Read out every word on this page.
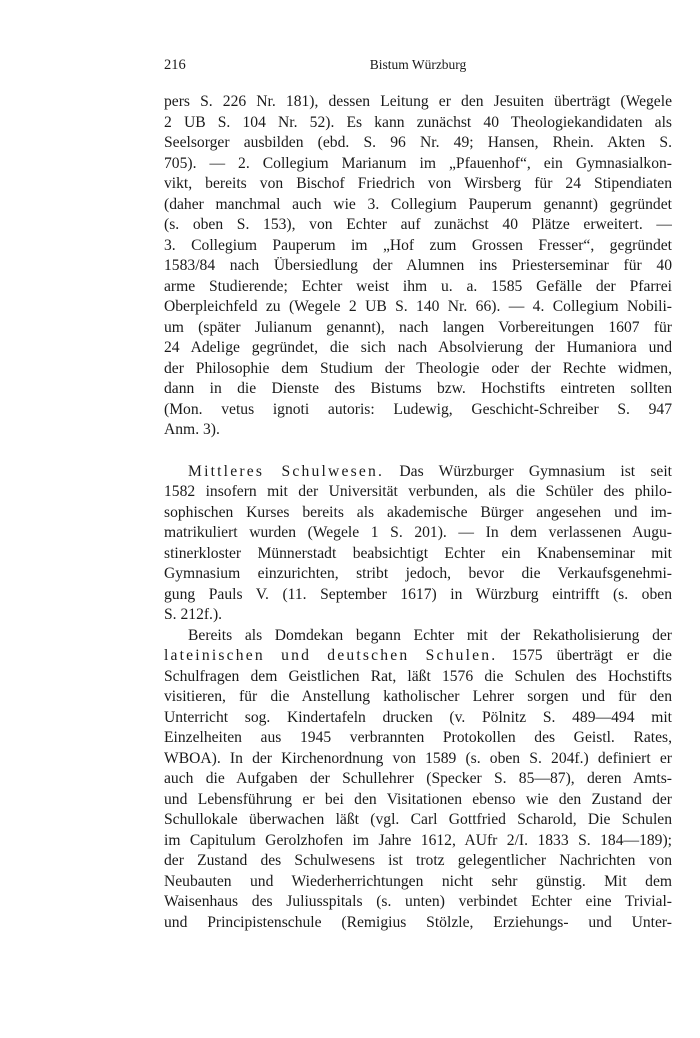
216	Bistum Würzburg
pers S. 226 Nr. 181), dessen Leitung er den Jesuiten überträgt (Wegele
2 UB S. 104 Nr. 52). Es kann zunächst 40 Theologiekandidaten als
Seelsorger ausbilden (ebd. S. 96 Nr. 49; Hansen, Rhein. Akten S.
705). — 2. Collegium Marianum im „Pfauenhof“, ein Gymnasialkon-
vikt, bereits von Bischof Friedrich von Wirsberg für 24 Stipendiaten
(daher manchmal auch wie 3. Collegium Pauperum genannt) gegründet
(s. oben S. 153), von Echter auf zunächst 40 Plätze erweitert. —
3. Collegium Pauperum im „Hof zum Grossen Fresser“, gegründet
1583/84 nach Übersiedlung der Alumnen ins Priesterseminar für 40
arme Studierende; Echter weist ihm u. a. 1585 Gefälle der Pfarrei
Oberpleichfeld zu (Wegele 2 UB S. 140 Nr. 66). — 4. Collegium Nobili-
um (später Julianum genannt), nach langen Vorbereitungen 1607 für
24 Adelige gegründet, die sich nach Absolvierung der Humaniora und
der Philosophie dem Studium der Theologie oder der Rechte widmen,
dann in die Dienste des Bistums bzw. Hochstifts eintreten sollten
(Mon. vetus ignoti autoris: Ludewig, Geschicht-Schreiber S. 947
Anm. 3).
Mittleres Schulwesen. Das Würzburger Gymnasium ist seit
1582 insofern mit der Universität verbunden, als die Schüler des philo-
sophischen Kurses bereits als akademische Bürger angesehen und im-
matrikuliert wurden (Wegele 1 S. 201). — In dem verlassenen Augu-
stinerkloster Münnerstadt beabsichtigt Echter ein Knabenseminar mit
Gymnasium einzurichten, stribt jedoch, bevor die Verkaufsgenehmi-
gung Pauls V. (11. September 1617) in Würzburg eintrifft (s. oben
S. 212f.).
Bereits als Domdekan begann Echter mit der Rekatholisierung der
lateinischen und deutschen Schulen. 1575 überträgt er die
Schulfragen dem Geistlichen Rat, läßt 1576 die Schulen des Hochstifts
visitieren, für die Anstellung katholischer Lehrer sorgen und für den
Unterricht sog. Kindertafeln drucken (v. Pölnitz S. 489—494 mit
Einzelheiten aus 1945 verbrannten Protokollen des Geistl. Rates,
WBOA). In der Kirchenordnung von 1589 (s. oben S. 204f.) definiert er
auch die Aufgaben der Schullehrer (Specker S. 85—87), deren Amts-
und Lebensführung er bei den Visitationen ebenso wie den Zustand der
Schullokale überwachen läßt (vgl. Carl Gottfried Scharold, Die Schulen
im Capitulum Gerolzhofen im Jahre 1612, AUfr 2/I. 1833 S. 184—189);
der Zustand des Schulwesens ist trotz gelegentlicher Nachrichten von
Neubauten und Wiederherrichtungen nicht sehr günstig. Mit dem
Waisenhaus des Juliusspitals (s. unten) verbindet Echter eine Trivial-
und Principistenschule (Remigius Stölzle, Erziehungs- und Unter-
